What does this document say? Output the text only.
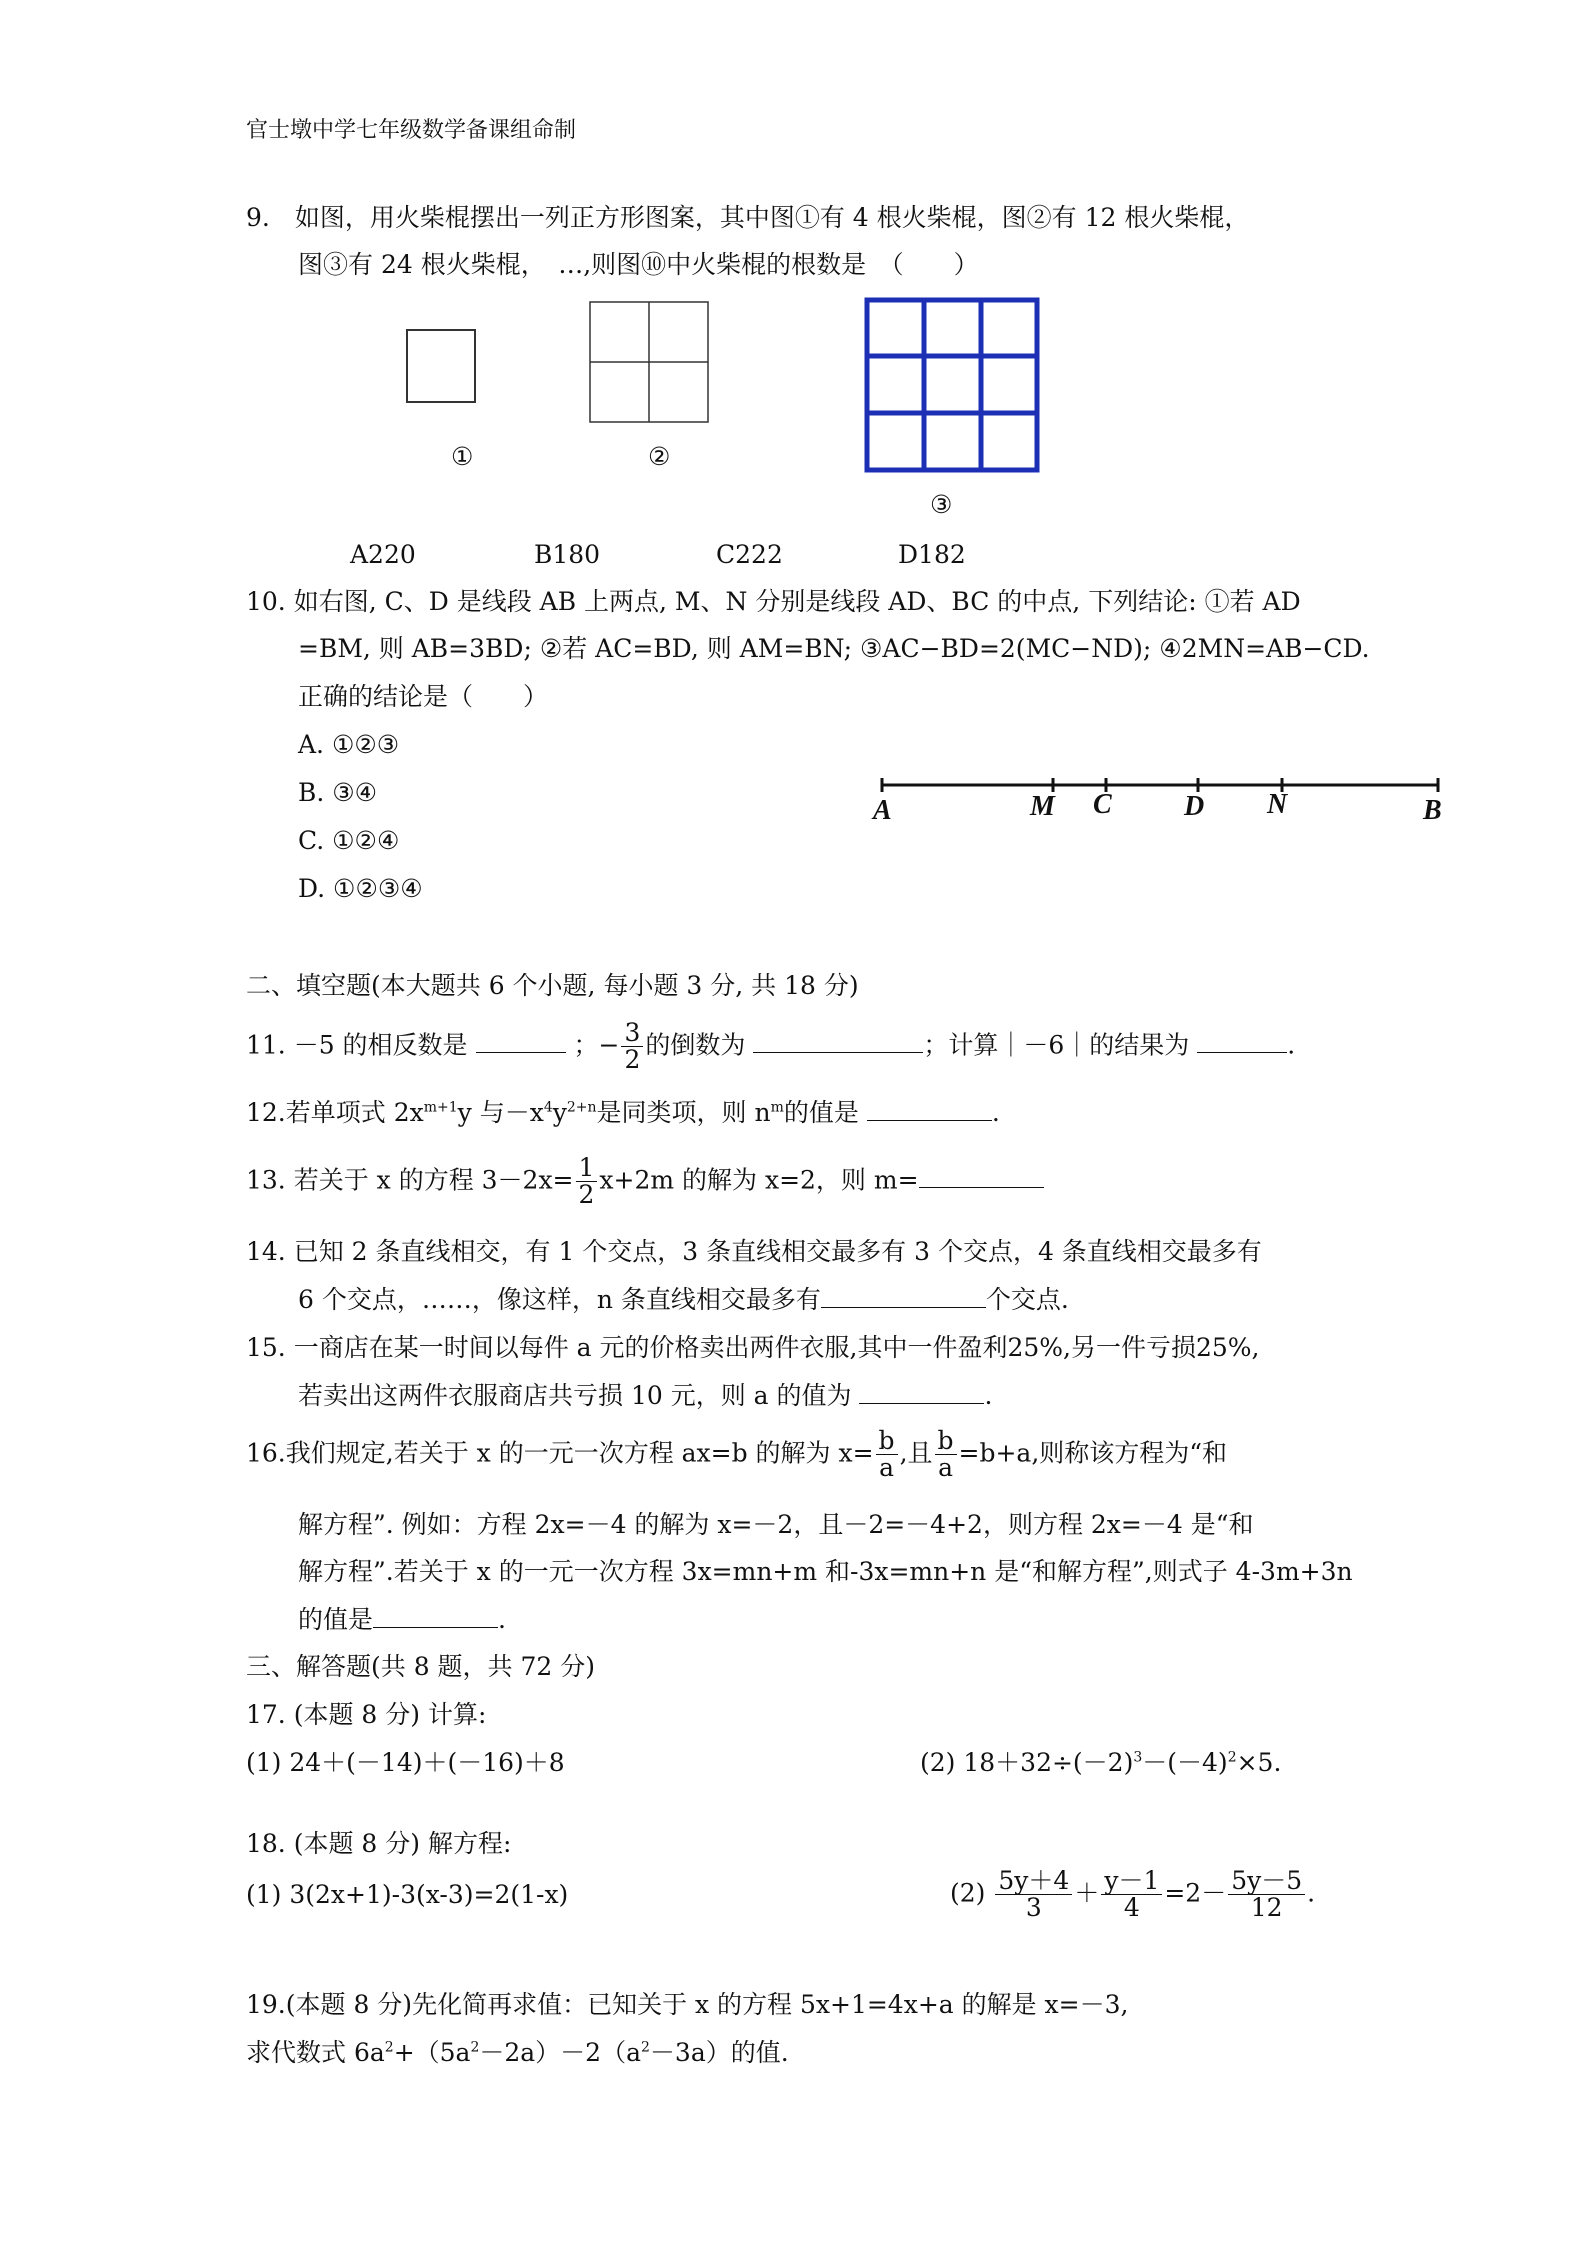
官士墩中学七年级数学备课组命制
9.　如图，用火柴棍摆出一列正方形图案，其中图①有 4 根火柴棍，图②有 12 根火柴棍，
图③有 24 根火柴棍，　…,则图⑩中火柴棍的根数是　（　　）
①	②
③
A220	B180	C222	D182
10. 如右图, C、D 是线段 AB 上两点, M、N 分别是线段 AD、BC 的中点, 下列结论: ①若 AD
=BM, 则 AB=3BD; ②若 AC=BD, 则 AM=BN; ③AC−BD=2(MC−ND); ④2MN=AB−CD.
正确的结论是（　　）
A. ①②③
B. ③④
C. ①②④
D. ①②③④
A	M C	D N	B
二、填空题(本大题共 6 个小题, 每小题 3 分, 共 18 分)
11. －5 的相反数是	；− $\frac{3}{2}$ 的倒数为	；计算｜－6｜的结果为	.
12.若单项式 $2x^{m+1}y$ 与$-x^4y^{2+n}$是同类项，则 $n^m$的值是	.
13. 若关于 x 的方程 $3-2x= \frac{1}{2} x+2m$ 的解为 x=2，则 m=
14. 已知 2 条直线相交，有 1 个交点，3 条直线相交最多有 3 个交点，4 条直线相交最多有
6 个交点，……，像这样，n 条直线相交最多有	个交点.
15. 一商店在某一时间以每件 a 元的价格卖出两件衣服,其中一件盈利25%,另一件亏损25%,
若卖出这两件衣服商店共亏损 10 元，则 a 的值为	.
16.我们规定,若关于 x 的一元一次方程 ax=b 的解为 $x= \frac{b}{a}$ ,且 $\frac{b}{a} =b+a$,则称该方程为“和
解方程”. 例如：方程 2x=－4 的解为 x=－2，且－2=－4+2，则方程 2x=－4 是“和
解方程”.若关于 x 的一元一次方程 3x=mn+m 和-3x=mn+n 是“和解方程”,则式子 4-3m+3n
的值是	.
三、解答题(共 8 题，共 72 分)
17. (本题 8 分) 计算:
(1) 24＋(－14)＋(－16)＋8	(2) $18+32\div(-2)^3-(-4)^2\times 5$.
18. (本题 8 分) 解方程:
(1) 3(2x+1)-3(x-3)=2(1-x)	$(2) \frac{5y+4}{3} + \frac{y-1}{4} =2- \frac{5y-5}{12}$ .
19.(本题 8 分)先化简再求值：已知关于 x 的方程 5x+1=4x+a 的解是 x=－3,
求代数式 $6a^2+(5a^2-2a)-2(a^2-3a)$的值.
